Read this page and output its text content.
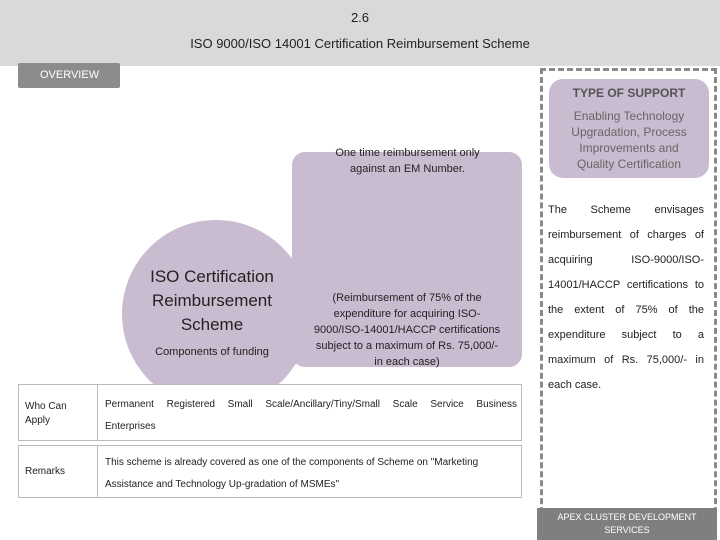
2.6
ISO 9000/ISO 14001 Certification Reimbursement Scheme
OVERVIEW
TYPE OF SUPPORT
Enabling Technology
Upgradation, Process
Improvements and
Quality Certification
The Scheme envisages reimbursement of charges of acquiring ISO-9000/ISO-14001/HACCP certifications to the extent of 75% of the expenditure subject to a maximum of Rs. 75,000/- in each case.
One time reimbursement only
against an EM Number.
(Reimbursement of 75% of the
expenditure for acquiring ISO-
9000/ISO-14001/HACCP certifications
subject to a maximum of Rs. 75,000/-
in each case)
ISO Certification
Reimbursement
Scheme
Components of funding
Who Can
Apply
Permanent Registered Small Scale/Ancillary/Tiny/Small Scale Service Business
Enterprises
Remarks
This scheme is already covered as one of the components of Scheme on "Marketing
Assistance and Technology Up-gradation of MSMEs"
APEX CLUSTER DEVELOPMENT
SERVICES
